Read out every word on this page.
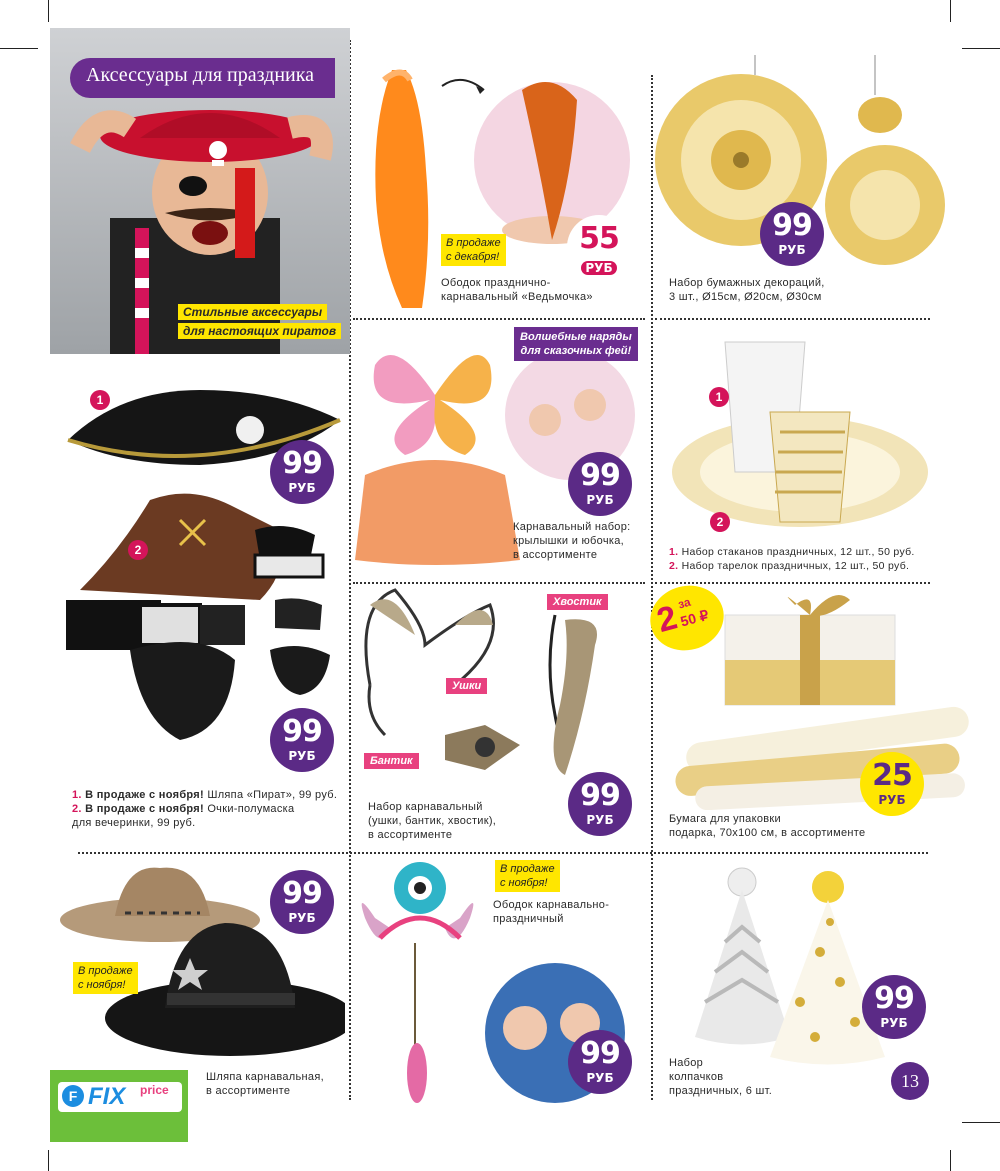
Аксессуары для праздника
Стильные аксессуары
для настоящих пиратов
В продаже
с декабря!
55
РУБ
Ободок празднично-
карнавальный «Ведьмочка»
99
РУБ
Набор бумажных декораций,
3 шт., Ø15см, Ø20см, Ø30см
1
2
99
РУБ
99
РУБ
1. В продаже с ноября! Шляпа «Пират», 99 руб.
2. В продаже с ноября! Очки-полумаска
для вечеринки, 99 руб.
Волшебные наряды
для сказочных фей!
99
РУБ
Карнавальный набор:
крылышки и юбочка,
в ассортименте
1
2
1. Набор стаканов праздничных, 12 шт., 50 руб.
2. Набор тарелок праздничных, 12 шт., 50 руб.
Хвостик
Ушки
Бантик
99
РУБ
Набор карнавальный
(ушки, бантик, хвостик),
в ассортименте
2
за
50 ₽
25
РУБ
Бумага для упаковки
подарка, 70х100 см, в ассортименте
В продаже
с ноября!
99
РУБ
Шляпа карнавальная,
в ассортименте
В продаже
с ноября!
Ободок карнавально-
праздничный
99
РУБ
99
РУБ
Набор
колпачков
праздничных, 6 шт.
F FIX price	13
